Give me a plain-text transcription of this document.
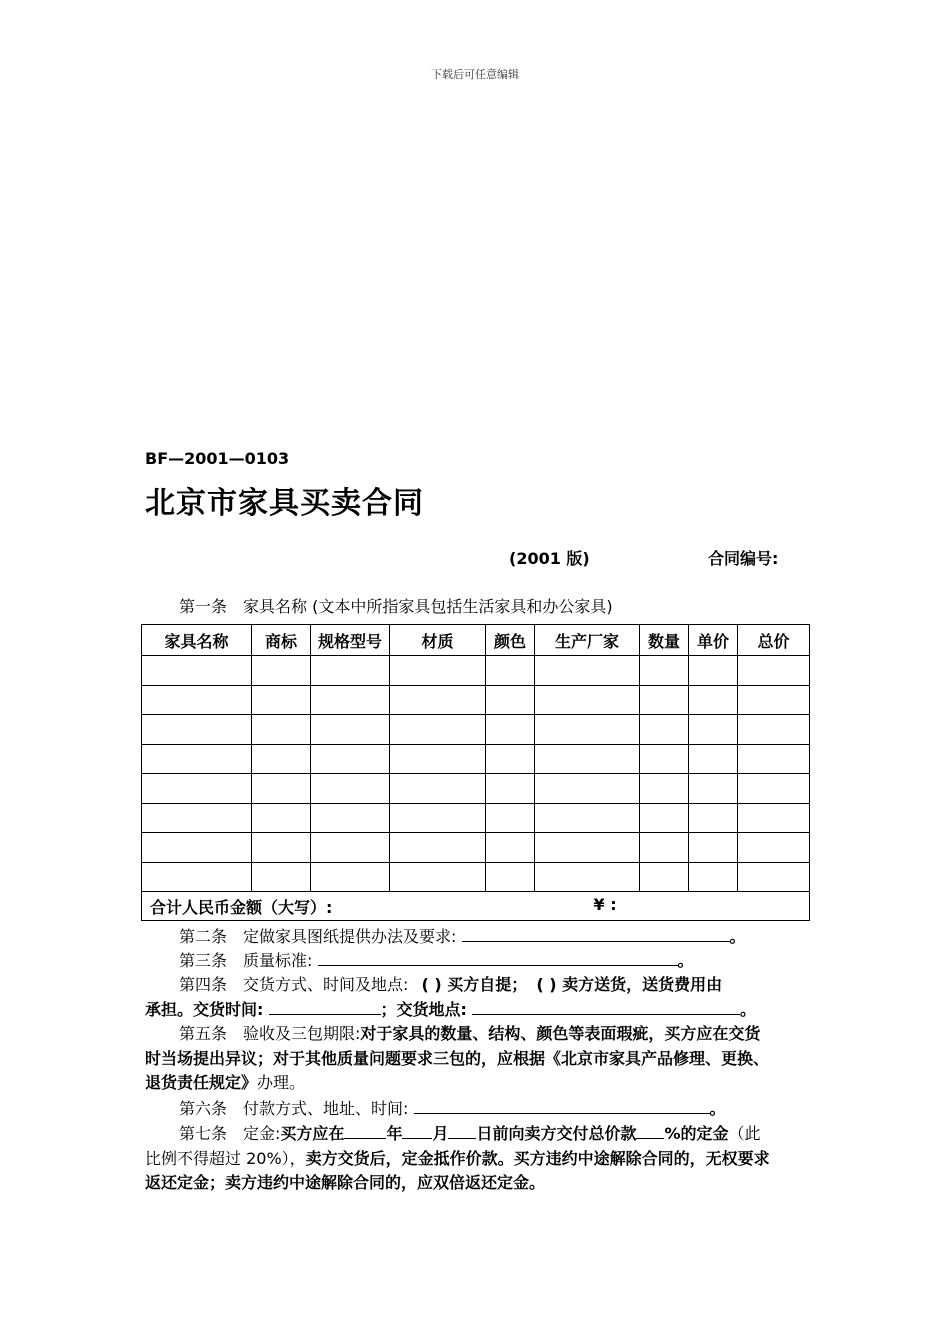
下载后可任意编辑
BF—2001—0103
北京市家具买卖合同
(2001 版)	合同编号:
第一条 家具名称 (文本中所指家具包括生活家具和办公家具)
家具名称	商标	规格型号	材质	颜色	生产厂家	数量	单价	总价

合计人民币金额（大写）: ¥ :								
第二条 定做家具图纸提供办法及要求:	。
第三条 质量标准:	。
第四条 交货方式、时间及地点: ( ) 买方自提； ( ) 卖方送货，送货费用由
承担。交货时间:	；交货地点:	。
第五条 验收及三包期限:对于家具的数量、结构、颜色等表面瑕疵，买方应在交货
时当场提出异议；对于其他质量问题要求三包的，应根据《北京市家具产品修理、更换、
退货责任规定》办理。
第六条 付款方式、地址、时间:	。
第七条 定金:买方应在	年 月 日前向卖方交付总价款 %的定金（此
比例不得超过 20%），卖方交货后，定金抵作价款。买方违约中途解除合同的，无权要求
返还定金；卖方违约中途解除合同的，应双倍返还定金。
